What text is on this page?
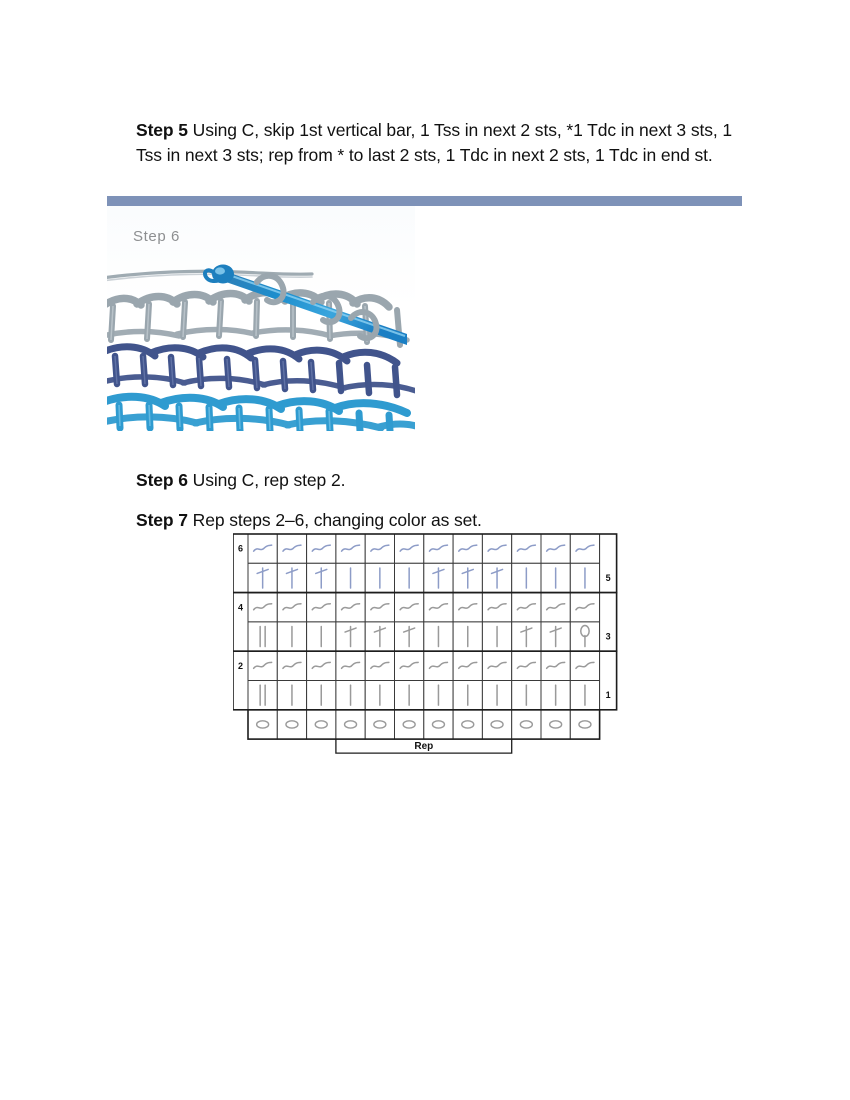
Step 5 Using C, skip 1st vertical bar, 1 Tss in next 2 sts, *1 Tdc in next 3 sts, 1 Tss in next 3 sts; rep from * to last 2 sts, 1 Tdc in next 2 sts, 1 Tdc in end st.

Step 6

Step 6 Using C, rep step 2.

Step 7 Rep steps 2–6, changing color as set.

6
5
4
3
2
1
Rep
